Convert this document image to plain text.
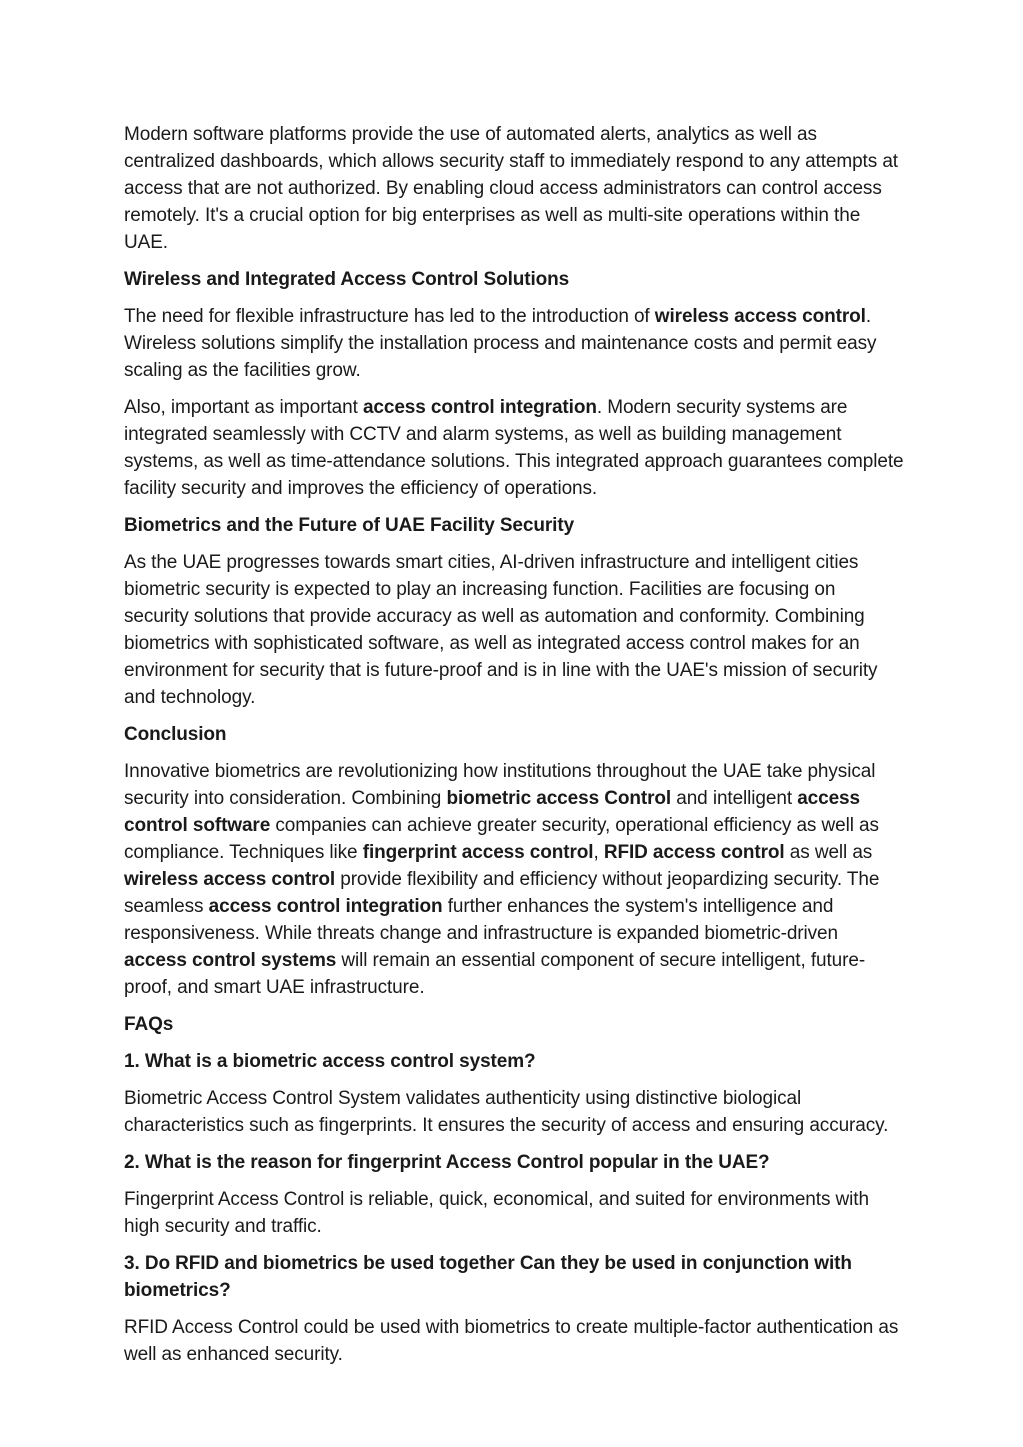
Modern software platforms provide the use of automated alerts, analytics as well as centralized dashboards, which allows security staff to immediately respond to any attempts at access that are not authorized. By enabling cloud access administrators can control access remotely. It's a crucial option for big enterprises as well as multi-site operations within the UAE.

Wireless and Integrated Access Control Solutions

The need for flexible infrastructure has led to the introduction of wireless access control. Wireless solutions simplify the installation process and maintenance costs and permit easy scaling as the facilities grow.

Also, important as important access control integration. Modern security systems are integrated seamlessly with CCTV and alarm systems, as well as building management systems, as well as time-attendance solutions. This integrated approach guarantees complete facility security and improves the efficiency of operations.

Biometrics and the Future of UAE Facility Security

As the UAE progresses towards smart cities, AI-driven infrastructure and intelligent cities biometric security is expected to play an increasing function. Facilities are focusing on security solutions that provide accuracy as well as automation and conformity. Combining biometrics with sophisticated software, as well as integrated access control makes for an environment for security that is future-proof and is in line with the UAE's mission of security and technology.

Conclusion

Innovative biometrics are revolutionizing how institutions throughout the UAE take physical security into consideration. Combining biometric access Control and intelligent access control software companies can achieve greater security, operational efficiency as well as compliance. Techniques like fingerprint access control, RFID access control as well as wireless access control provide flexibility and efficiency without jeopardizing security. The seamless access control integration further enhances the system's intelligence and responsiveness. While threats change and infrastructure is expanded biometric-driven access control systems will remain an essential component of secure intelligent, future-proof, and smart UAE infrastructure.

FAQs
1. What is a biometric access control system?

Biometric Access Control System validates authenticity using distinctive biological characteristics such as fingerprints. It ensures the security of access and ensuring accuracy.

2. What is the reason for fingerprint Access Control popular in the UAE?

Fingerprint Access Control is reliable, quick, economical, and suited for environments with high security and traffic.

3. Do RFID and biometrics be used together Can they be used in conjunction with biometrics?

RFID Access Control could be used with biometrics to create multiple-factor authentication as well as enhanced security.
